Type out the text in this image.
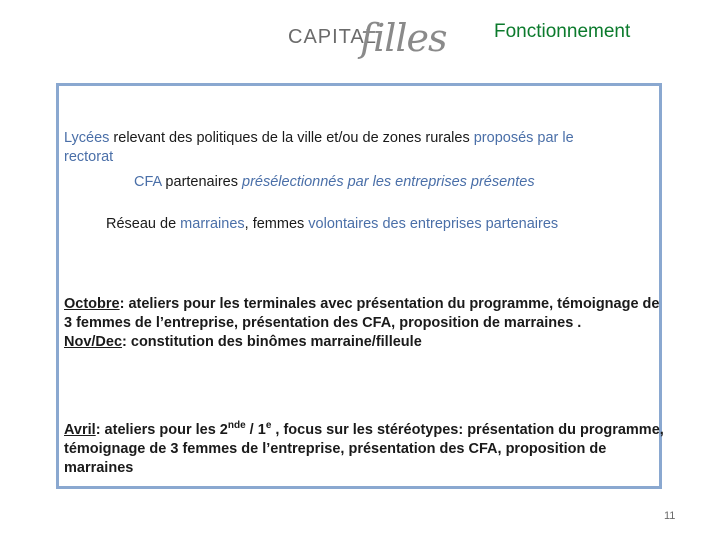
CAPITAL
filles Fonctionnement
Lycées relevant des politiques de la ville et/ou de zones rurales proposés par le
rectorat
CFA partenaires présélectionnés par les entreprises présentes
Réseau de marraines, femmes volontaires des entreprises partenaires
Octobre: ateliers pour les terminales avec présentation du programme, témoignage de 3 femmes de l’entreprise, présentation des CFA, proposition de marraines .
Nov/Dec: constitution des binômes marraine/filleule
Avril: ateliers pour les 2nde / 1e , focus sur les stéréotypes: présentation du programme, témoignage de 3 femmes de l’entreprise, présentation des CFA, proposition de marraines
11
